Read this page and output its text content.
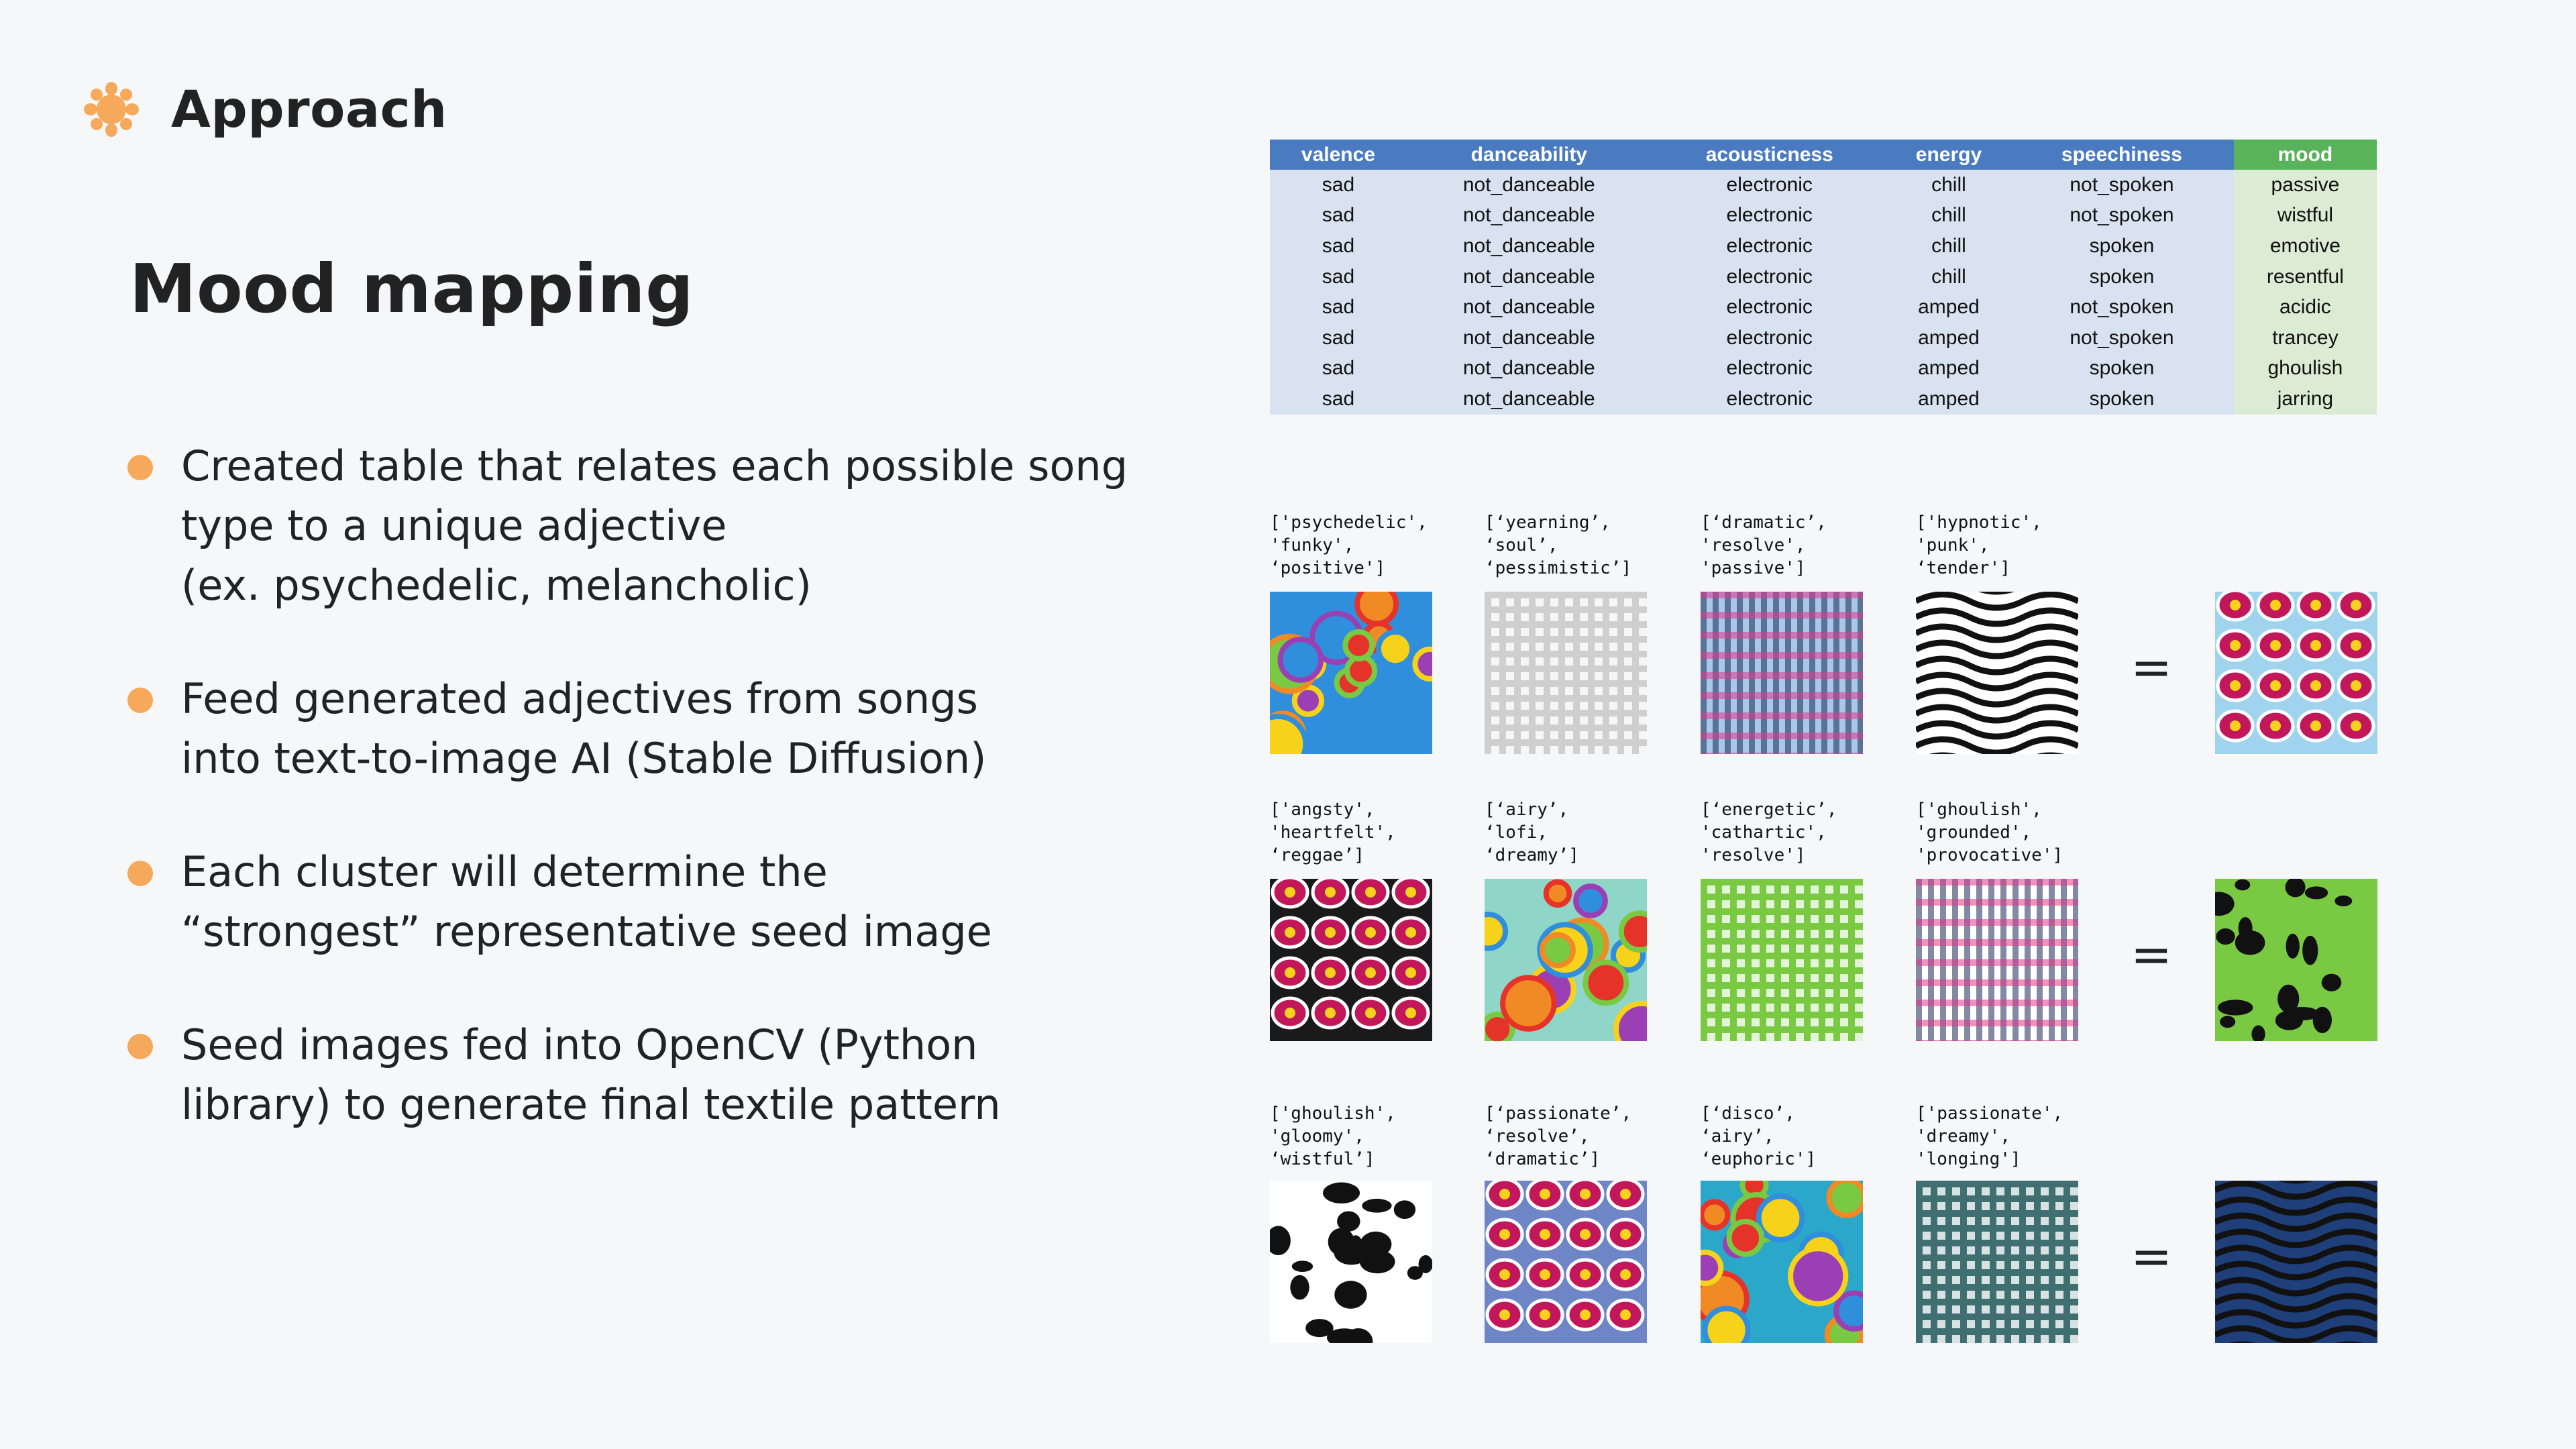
Approach
Mood mapping
Created table that relates each possible song
type to a unique adjective
(ex. psychedelic, melancholic)
Feed generated adjectives from songs
into text-to-image AI (Stable Diffusion)
Each cluster will determine the
“strongest” representative seed image
Seed images fed into OpenCV (Python
library) to generate final textile pattern
valence	danceability	acousticness	energy	speechiness	mood
sad	not_danceable	electronic	chill	not_spoken	passive
sad	not_danceable	electronic	chill	not_spoken	wistful
sad	not_danceable	electronic	chill	spoken	emotive
sad	not_danceable	electronic	chill	spoken	resentful
sad	not_danceable	electronic	amped	not_spoken	acidic
sad	not_danceable	electronic	amped	not_spoken	trancey
sad	not_danceable	electronic	amped	spoken	ghoulish
sad	not_danceable	electronic	amped	spoken	jarring
['psychedelic',
'funky',
‘positive']
[‘yearning’,
‘soul’,
‘pessimistic’]
[‘dramatic’,
'resolve',
'passive']
['hypnotic',
'punk',
‘tender']
=
['angsty',
'heartfelt',
‘reggae’]
[‘airy’,
‘lofi,
‘dreamy’]
[‘energetic’,
'cathartic',
'resolve']
['ghoulish',
'grounded',
'provocative']
=
['ghoulish',
'gloomy',
‘wistful’]
[‘passionate’,
‘resolve’,
‘dramatic’]
[‘disco’,
‘airy’,
‘euphoric']
['passionate',
'dreamy',
'longing']
=
